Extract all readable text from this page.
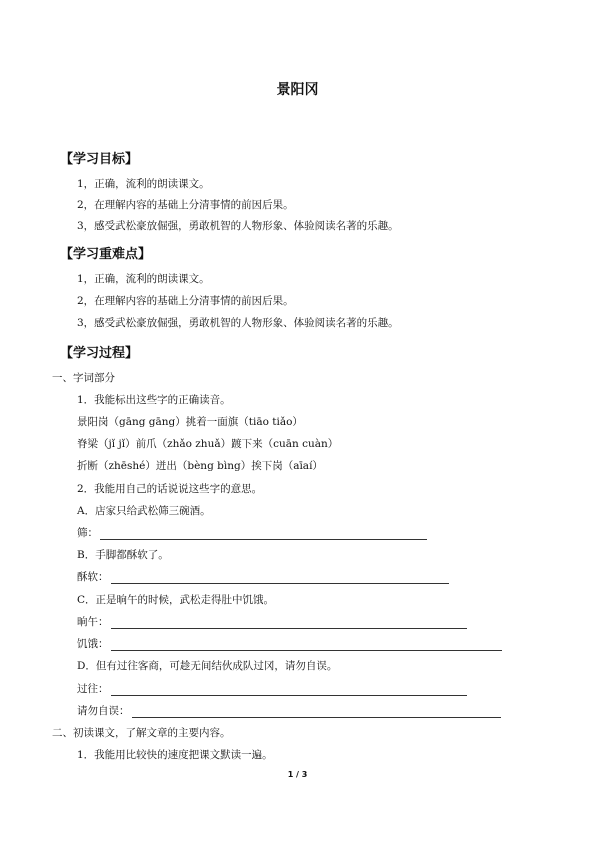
景阳冈
【学习目标】
1，正确，流利的朗读课文。
2，在理解内容的基础上分清事情的前因后果。
3，感受武松豪放倔强，勇敢机智的人物形象、体验阅读名著的乐趣。
【学习重难点】
1，正确，流利的朗读课文。
2，在理解内容的基础上分清事情的前因后果。
3，感受武松豪放倔强，勇敢机智的人物形象、体验阅读名著的乐趣。
【学习过程】
一、字词部分
1．我能标出这些字的正确读音。
景阳岗（gāng gāng）挑着一面旗（tiāo tiǎo）
脊梁（jǐ jǐ）前爪（zhǎo zhuǎ）踱下来（cuān cuàn）
折断（zhēshé）迸出（bèng bìng）挨下岗（aīaí）
2．我能用自己的话说说这些字的意思。
A．店家只给武松筛三碗酒。
筛：
B．手脚都酥软了。
酥软：
C．正是晌午的时候，武松走得肚中饥饿。
晌午：
饥饿：
D．但有过往客商，可趁无间结伙成队过冈，请勿自误。
过往：
请勿自误：
二、初读课文，了解文章的主要内容。
1．我能用比较快的速度把课文默读一遍。
1 / 3
